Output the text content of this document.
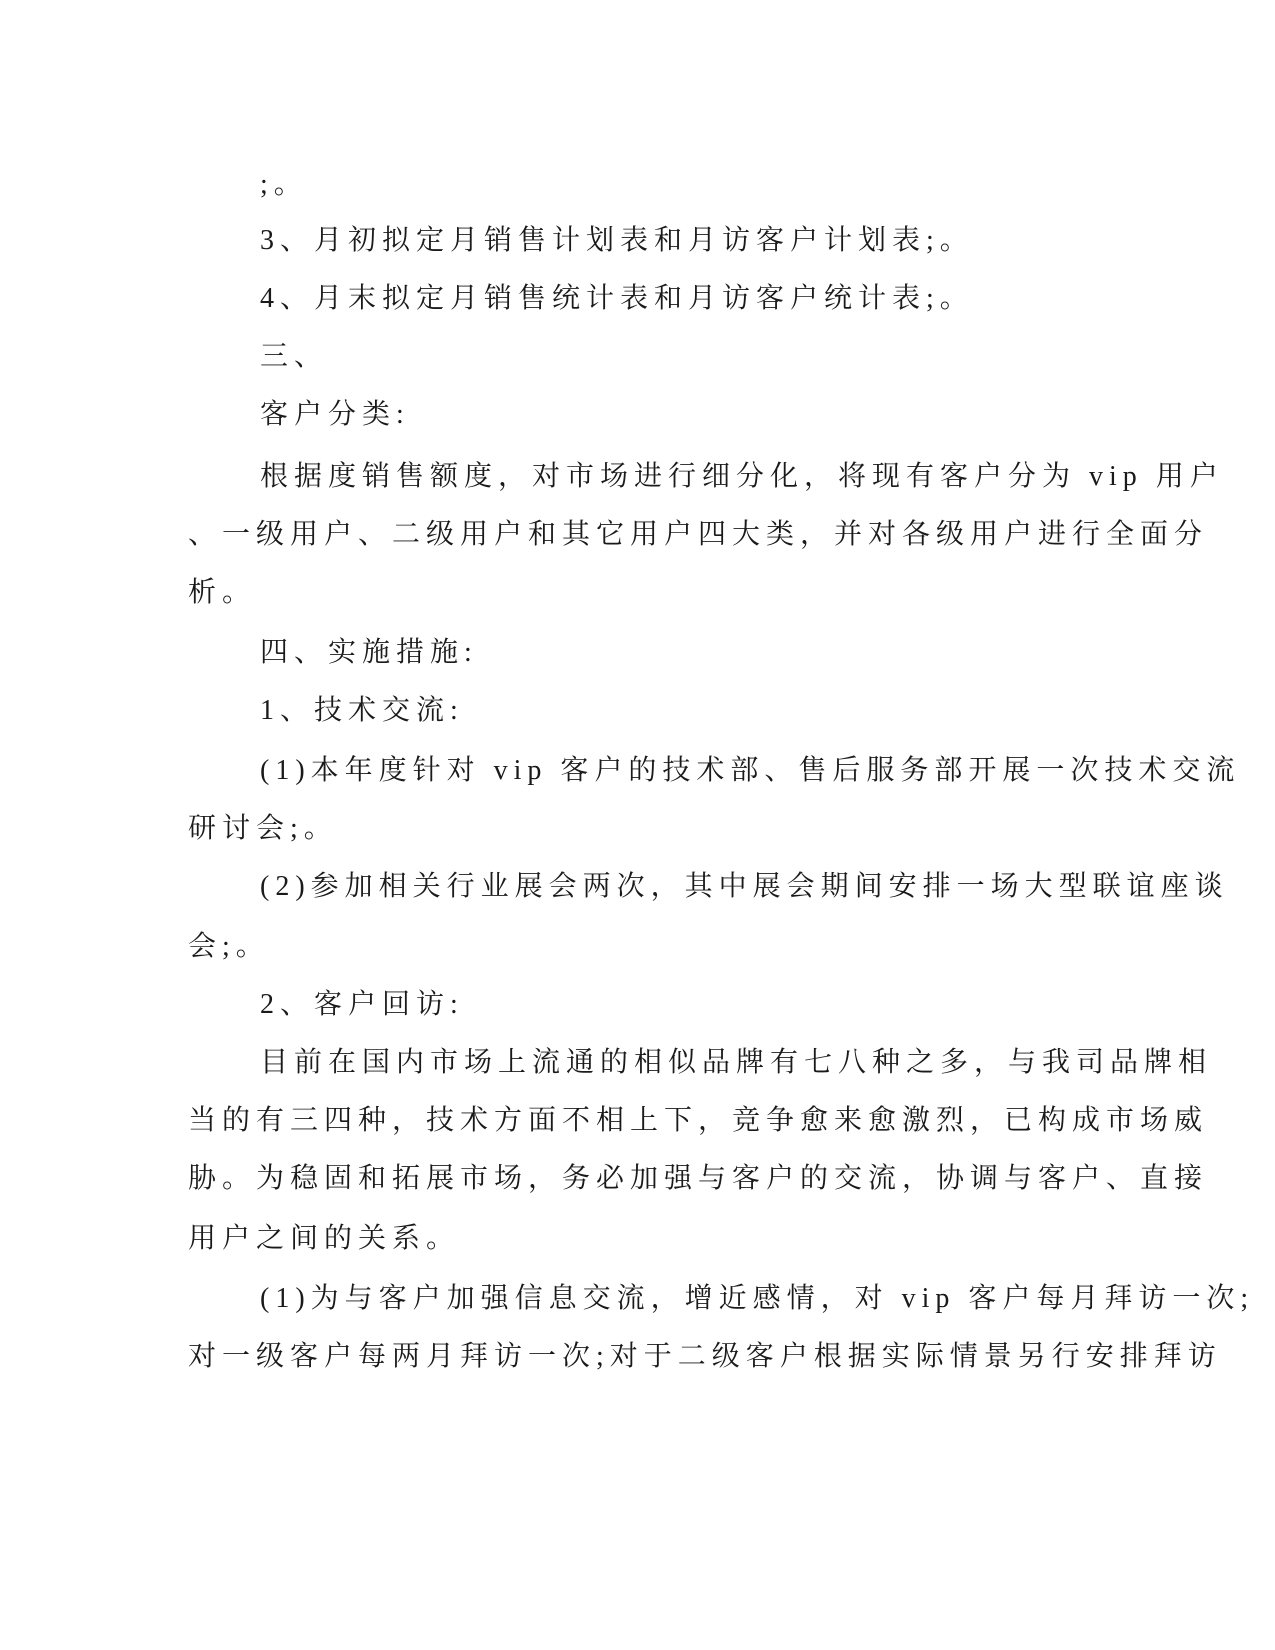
;。
3、月初拟定月销售计划表和月访客户计划表;。
4、月末拟定月销售统计表和月访客户统计表;。
三、
客户分类:
根据度销售额度，对市场进行细分化，将现有客户分为 vip 用户
、一级用户、二级用户和其它用户四大类，并对各级用户进行全面分
析。
四、实施措施:
1、技术交流:
(1)本年度针对 vip 客户的技术部、售后服务部开展一次技术交流
研讨会;。
(2)参加相关行业展会两次，其中展会期间安排一场大型联谊座谈
会;。
2、客户回访:
目前在国内市场上流通的相似品牌有七八种之多，与我司品牌相
当的有三四种，技术方面不相上下，竞争愈来愈激烈，已构成市场威
胁。为稳固和拓展市场，务必加强与客户的交流，协调与客户、直接
用户之间的关系。
(1)为与客户加强信息交流，增近感情，对 vip 客户每月拜访一次;
对一级客户每两月拜访一次;对于二级客户根据实际情景另行安排拜访
